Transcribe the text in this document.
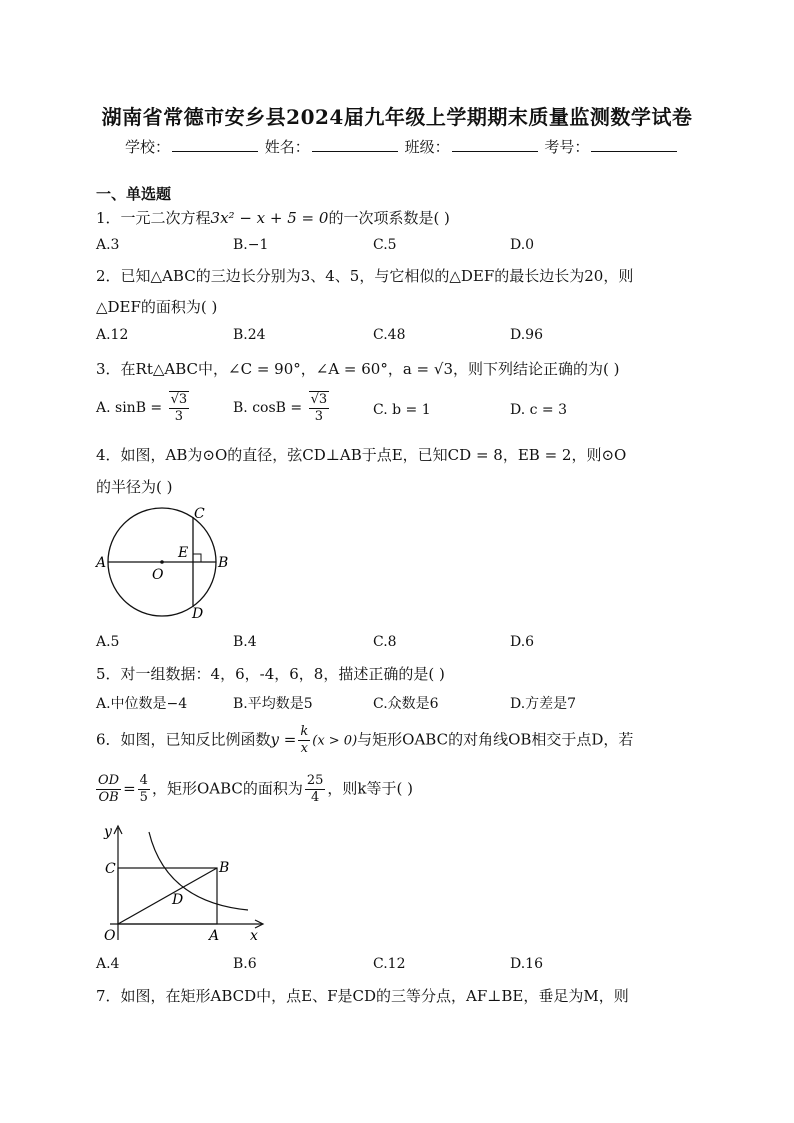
湖南省常德市安乡县2024届九年级上学期期末质量监测数学试卷
学校：	姓名：	班级：	考号：
一、单选题
1．一元二次方程3x² − x + 5 = 0的一次项系数是( )
A.3	B.−1	C.5	D.0
2．已知△ABC的三边长分别为3、4、5，与它相似的△DEF的最长边长为20，则
△DEF的面积为( )
A.12	B.24	C.48	D.96
3．在Rt△ABC中，∠C = 90°，∠A = 60°，a = √3，则下列结论正确的为( )
A. $\sin B = \frac{√3}{3}$	B. $\cos B = \frac{√3}{3}$	C. b = 1	D. c = 3
4．如图，AB为⊙O的直径，弦CD⊥AB于点E，已知CD = 8，EB = 2，则⊙O
的半径为( )
A	B
C
D
E
O
A.5	B.4	C.8	D.6
5．对一组数据：4，6，-4，6，8，描述正确的是( )
A.中位数是−4	B.平均数是5	C.众数是6	D.方差是7
6．如图，已知反比例函数$y = \frac{k}{x} (x > 0)$与矩形OABC的对角线OB相交于点D，若
$\frac{OD}{OB} = \frac{4}{5}$ ，矩形OABC的面积为 $\frac{25}{4}$ ，则k等于( )
y
x
O	A
B
C
D
A.4	B.6	C.12	D.16
7．如图，在矩形ABCD中，点E、F是CD的三等分点，AF⊥BE，垂足为M，则
